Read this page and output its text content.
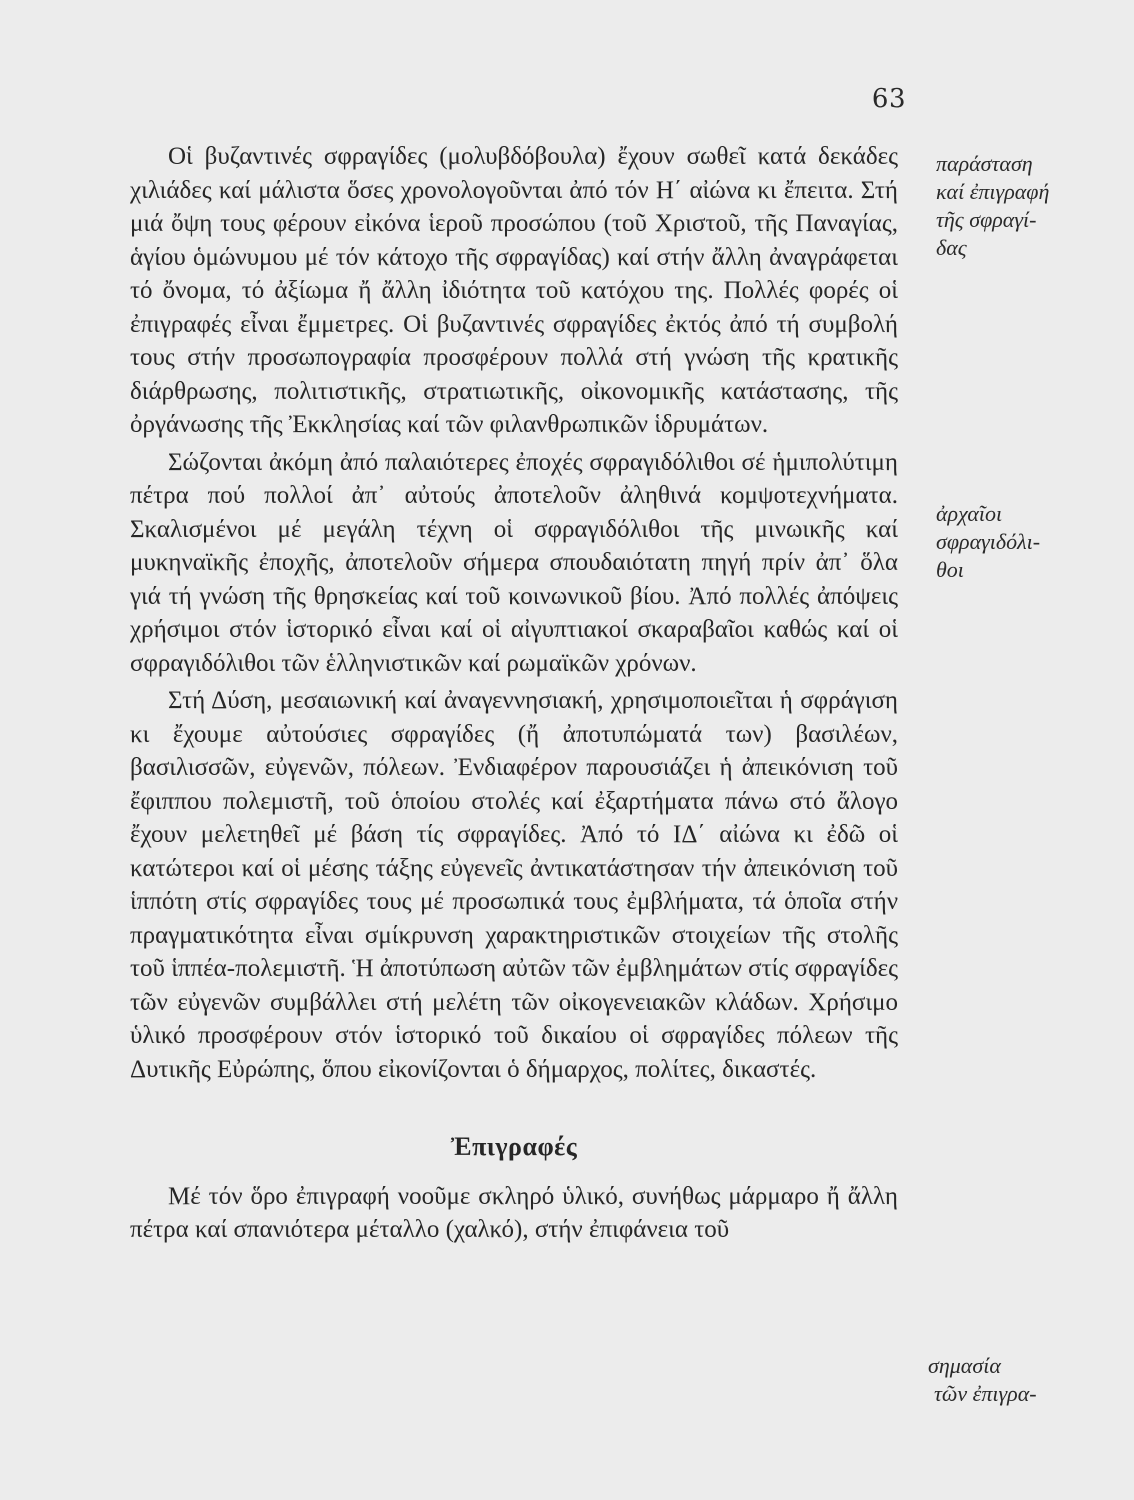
63

Οἱ βυζαντινές σφραγίδες (μολυβδόβουλα) ἔχουν σωθεῖ κατά δεκάδες χιλιάδες καί μάλιστα ὅσες χρονολογοῦνται ἀπό τόν Η΄ αἰώνα κι ἔπειτα. Στή μιά ὄψη τους φέρουν εἰκόνα ἱεροῦ προσώπου (τοῦ Χριστοῦ, τῆς Παναγίας, ἁγίου ὁμώνυμου μέ τόν κάτοχο τῆς σφραγίδας) καί στήν ἄλλη ἀναγράφεται τό ὄνομα, τό ἀξίωμα ἤ ἄλλη ἰδιότητα τοῦ κατόχου της. Πολλές φορές οἱ ἐπιγραφές εἶναι ἔμμετρες. Οἱ βυζαντινές σφραγίδες ἐκτός ἀπό τή συμβολή τους στήν προσωπογραφία προσφέρουν πολλά στή γνώση τῆς κρατικῆς διάρθρωσης, πολιτιστικῆς, στρατιωτικῆς, οἰκονομικῆς κατάστασης, τῆς ὀργάνωσης τῆς Ἐκκλησίας καί τῶν φιλανθρωπικῶν ἱδρυμάτων.

Σώζονται ἀκόμη ἀπό παλαιότερες ἐποχές σφραγιδόλιθοι σέ ἡμιπολύτιμη πέτρα πού πολλοί ἀπ᾽ αὐτούς ἀποτελοῦν ἀληθινά κομψοτεχνήματα. Σκαλισμένοι μέ μεγάλη τέχνη οἱ σφραγιδόλιθοι τῆς μινωικῆς καί μυκηναϊκῆς ἐποχῆς, ἀποτελοῦν σήμερα σπουδαιότατη πηγή πρίν ἀπ᾽ ὅλα γιά τή γνώση τῆς θρησκείας καί τοῦ κοινωνικοῦ βίου. Ἀπό πολλές ἀπόψεις χρήσιμοι στόν ἱστορικό εἶναι καί οἱ αἰγυπτιακοί σκαραβαῖοι καθώς καί οἱ σφραγιδόλιθοι τῶν ἑλληνιστικῶν καί ρωμαϊκῶν χρόνων.

Στή Δύση, μεσαιωνική καί ἀναγεννησιακή, χρησιμοποιεῖται ἡ σφράγιση κι ἔχουμε αὐτούσιες σφραγίδες (ἤ ἀποτυπώματά των) βασιλέων, βασιλισσῶν, εὐγενῶν, πόλεων. Ἐνδιαφέρον παρουσιάζει ἡ ἀπεικόνιση τοῦ ἔφιππου πολεμιστῆ, τοῦ ὁποίου στολές καί ἐξαρτήματα πάνω στό ἄλογο ἔχουν μελετηθεῖ μέ βάση τίς σφραγίδες. Ἀπό τό ΙΔ΄ αἰώνα κι ἐδῶ οἱ κατώτεροι καί οἱ μέσης τάξης εὐγενεῖς ἀντικατάστησαν τήν ἀπεικόνιση τοῦ ἱππότη στίς σφραγίδες τους μέ προσωπικά τους ἐμβλήματα, τά ὁποῖα στήν πραγματικότητα εἶναι σμίκρυνση χαρακτηριστικῶν στοιχείων τῆς στολῆς τοῦ ἱππέα-πολεμιστῆ. Ἡ ἀποτύπωση αὐτῶν τῶν ἐμβλημάτων στίς σφραγίδες τῶν εὐγενῶν συμβάλλει στή μελέτη τῶν οἰκογενειακῶν κλάδων. Χρήσιμο ὑλικό προσφέρουν στόν ἱστορικό τοῦ δικαίου οἱ σφραγίδες πόλεων τῆς Δυτικῆς Εὐρώπης, ὅπου εἰκονίζονται ὁ δήμαρχος, πολίτες, δικαστές.

Ἐπιγραφές

Μέ τόν ὅρο ἐπιγραφή νοοῦμε σκληρό ὑλικό, συνήθως μάρμαρο ἤ ἄλλη πέτρα καί σπανιότερα μέταλλο (χαλκό), στήν ἐπιφάνεια τοῦ

παράσταση
καί ἐπιγραφή
τῆς σφραγί-
δας
ἀρχαῖοι
σφραγιδόλι-
θοι
σημασία
τῶν ἐπιγρα-
